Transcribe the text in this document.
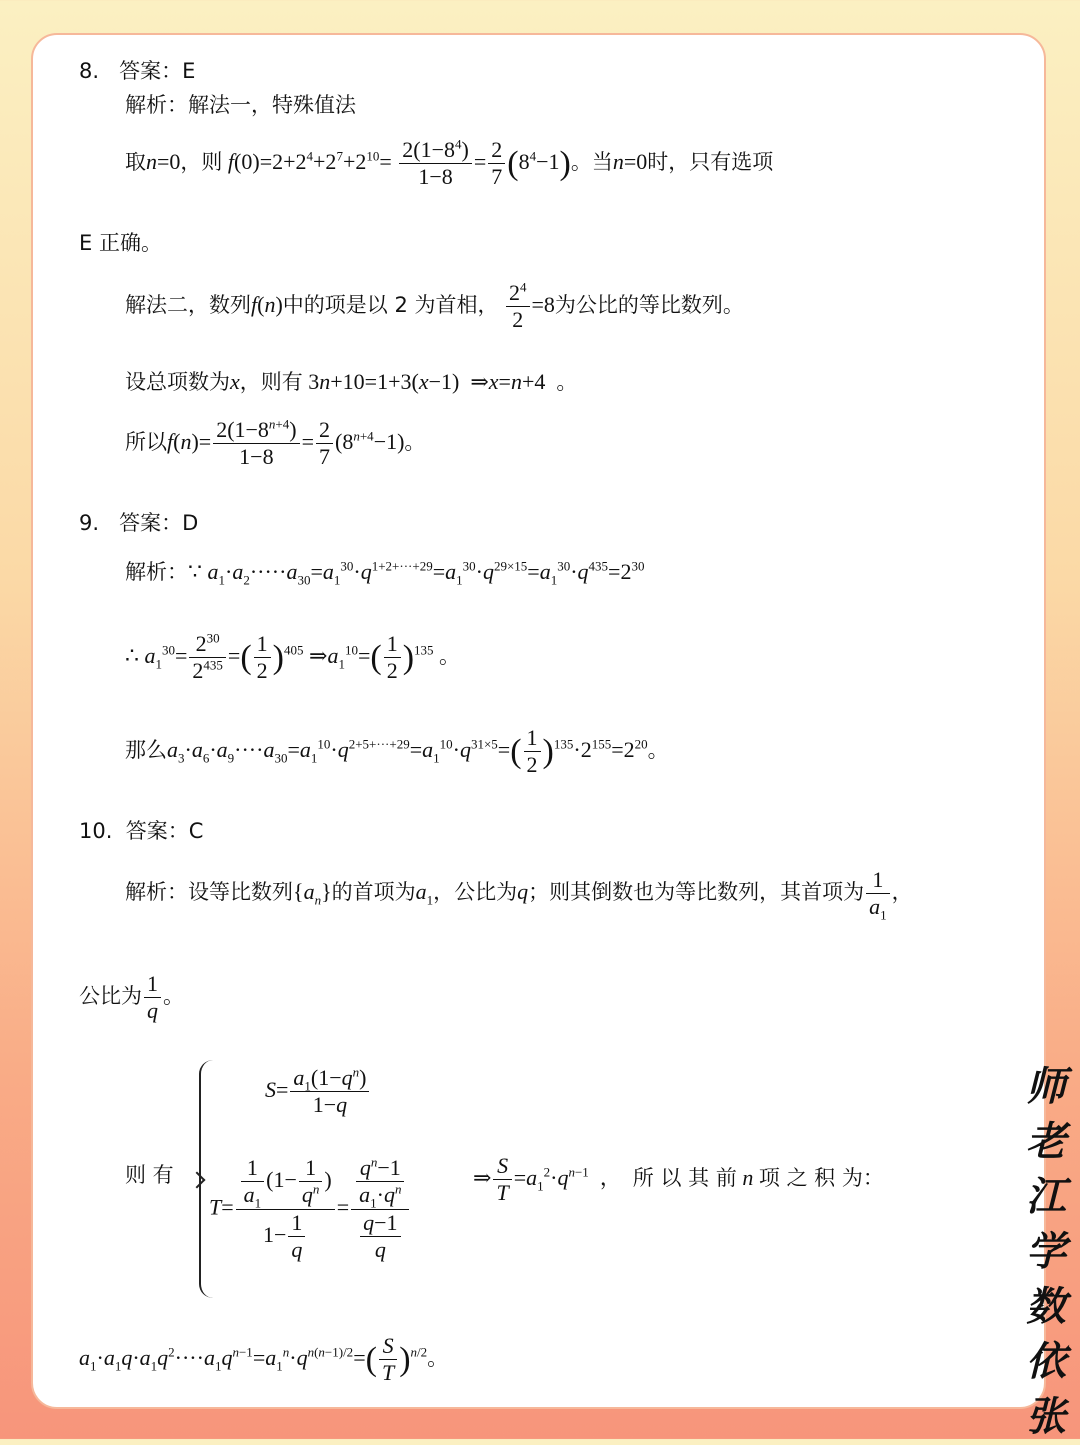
8. 答案：E
解析：解法一，特殊值法
取n=0，则 $f(0)=2+2^4+2^7+2^{10}= \frac{2(1-8^4)}{1-8} = \frac{2}{7} (8^4-1)$。当n=0时，只有选项
E 正确。
解法二，数列f(n)中的项是以 2 为首相， $\frac{2^4}{2} =8$为公比的等比数列。
设总项数为x，则有 3n+10=1+3(x−1)  ⇒x=n+4  。
所以$f(n)= \frac{2(1-8^{n+4})}{1-8} = \frac{2}{7} (8^{n+4}-1)$。
9. 答案：D
解析：∵ $a_1\cdot a_2\cdot\cdot\cdot\cdot\cdot a_{30}=a_1^{30}\cdot q^{1+2+\cdot\cdot\cdot+29}=a_1^{30}\cdot q^{29\times 15}=a_1^{30}\cdot q^{435}=2^{30}$
∴ $a_1^{30}= \frac{2^{30}}{2^{435}}$ =( $\frac{1}{2} )^{405}$ $\Rightarrow a_1^{10}=( \frac{1}{2} )^{135}$ 。
那么$a_3\cdot a_6\cdot a_9\cdot\cdot\cdot\cdot a_{30}=a_1^{10}\cdot q^{2+5+\cdot\cdot\cdot+29}=a_1^{10}\cdot q^{31\times 5}=( \frac{1}{2} )^{135}\cdot 2^{155}=2^{20}$。
10. 答案：C
解析：设等比数列$\{a_n\}$的首项为$a_1$，公比为q；则其倒数也为等比数列，其首项为 $\frac{1}{a_1}$ ，
公比为 $\frac{1}{q}$ 。
则 有
$S= \frac{a_1(1-q^n)}{1-q}$
$T= \frac{\frac{1}{a_1} (1- \frac{1}{q^n} )}{1- \frac{1}{q}} = \frac{\frac{q^n-1}{a_1\cdot q^n}}{\frac{q-1}{q}}$	⇒ $\frac{S}{T} =a_1^2\cdot q^{n-1}$  ，  所 以 其 前 n 项 之 积 为：
$a_1\cdot a_1q\cdot a_1q^2\cdot\cdot\cdot\cdot a_1q^{n-1}=a_1^n\cdot q^{n(n-1)/2}=( \frac{S}{T} )^{n/2}$。
师
老
江
学
数
依
张
